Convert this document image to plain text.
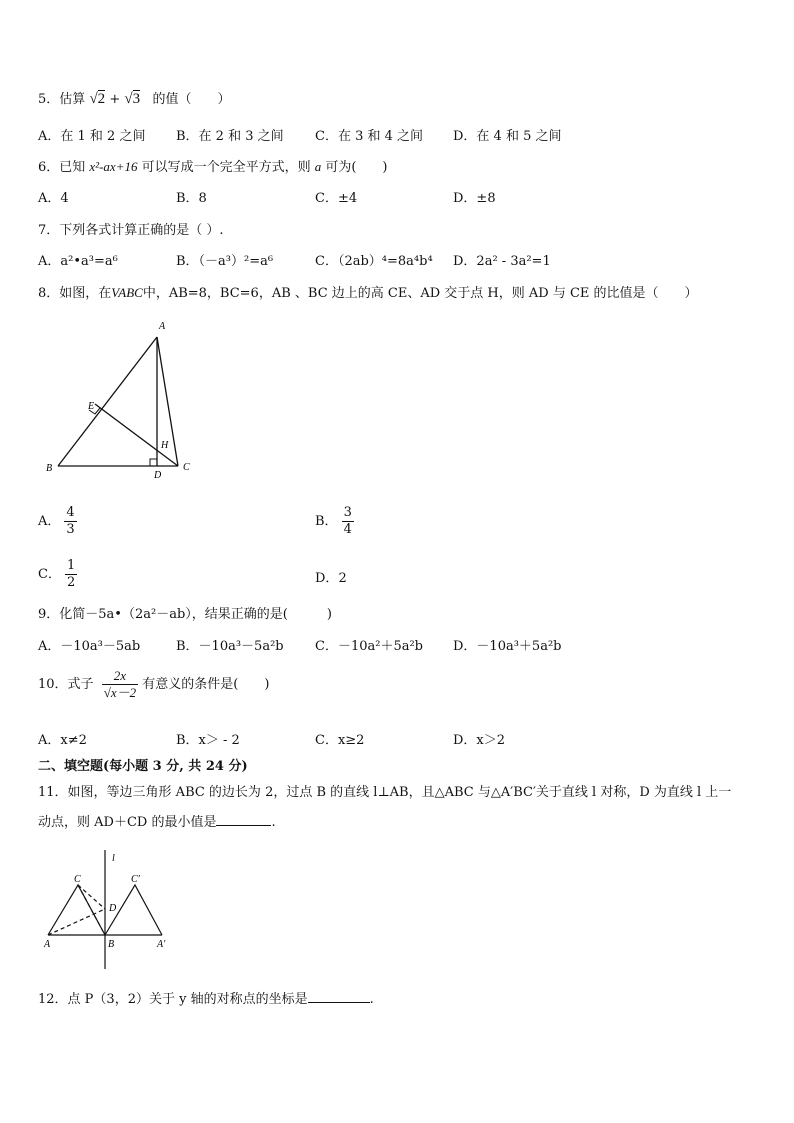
5．估算 √2 + √3 的值（　　）
A．在 1 和 2 之间 B．在 2 和 3 之间 C．在 3 和 4 之间 D．在 4 和 5 之间
6．已知 x²-ax+16 可以写成一个完全平方式，则 a 可为(　　)
A．4	B．8	C．±4	D．±8
7．下列各式计算正确的是（ ）.
A．a²•a³=a⁶	B．（－a³）²=a⁶	C．（2ab）⁴=8a⁴b⁴ D．2a² - 3a²=1
8．如图，在VABC中，AB=8，BC=6，AB 、BC 边上的高 CE、AD 交于点 H，则 AD 与 CE 的比值是（　　）
A
B	C
D
E
H
A． $\frac{4}{3}$	B． $\frac{3}{4}$
C． $\frac{1}{2}$	D．2
9．化简－5a•（2a²－ab），结果正确的是(　　　)
A．－10a³－5ab	B．－10a³－5a²b C．－10a²＋5a²b D．－10a³＋5a²b
10．式子 $\frac{2x}{√x-2}$ 有意义的条件是(　　)
A．x≠2	B．x＞ - 2	C．x≥2	D．x＞2
二、填空题(每小题 3 分, 共 24 分)
11．如图，等边三角形 ABC 的边长为 2，过点 B 的直线 l⊥AB，且△ABC 与△A′BC′关于直线 l 对称，D 为直线 l 上一
动点，则 AD＋CD 的最小值是	.
l
C	C′
D
A	B	A′
12．点 P（3，2）关于 y 轴的对称点的坐标是	.
